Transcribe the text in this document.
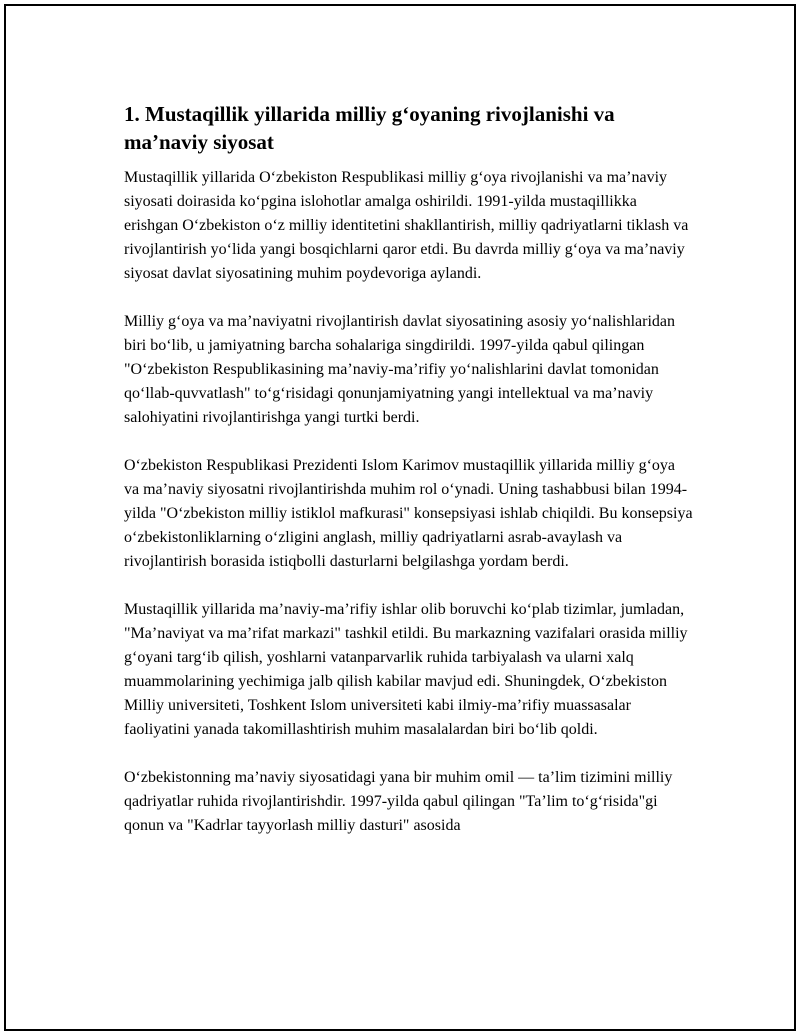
1. Mustaqillik yillarida milliy g‘oyaning rivojlanishi va ma’naviy siyosat

Mustaqillik yillarida O‘zbekiston Respublikasi milliy g‘oya rivojlanishi va ma’naviy siyosati doirasida ko‘pgina islohotlar amalga oshirildi. 1991-yilda mustaqillikka erishgan O‘zbekiston o‘z milliy identitetini shakllantirish, milliy qadriyatlarni tiklash va rivojlantirish yo‘lida yangi bosqichlarni qaror etdi. Bu davrda milliy g‘oya va ma’naviy siyosat davlat siyosatining muhim poydevoriga aylandi.

Milliy g‘oya va ma’naviyatni rivojlantirish davlat siyosatining asosiy yo‘nalishlaridan biri bo‘lib, u jamiyatning barcha sohalariga singdirildi. 1997-yilda qabul qilingan "O‘zbekiston Respublikasining ma’naviy-ma’rifiy yo‘nalishlarini davlat tomonidan qo‘llab-quvvatlash" to‘g‘risidagi qonunjamiyatning yangi intellektual va ma’naviy salohiyatini rivojlantirishga yangi turtki berdi.

O‘zbekiston Respublikasi Prezidenti Islom Karimov mustaqillik yillarida milliy g‘oya va ma’naviy siyosatni rivojlantirishda muhim rol o‘ynadi. Uning tashabbusi bilan 1994-yilda "O‘zbekiston milliy istiklol mafkurasi" konsepsiyasi ishlab chiqildi. Bu konsepsiya o‘zbekistonliklarning o‘zligini anglash, milliy qadriyatlarni asrab-avaylash va rivojlantirish borasida istiqbolli dasturlarni belgilashga yordam berdi.

Mustaqillik yillarida ma’naviy-ma’rifiy ishlar olib boruvchi ko‘plab tizimlar, jumladan, "Ma’naviyat va ma’rifat markazi" tashkil etildi. Bu markazning vazifalari orasida milliy g‘oyani targ‘ib qilish, yoshlarni vatanparvarlik ruhida tarbiyalash va ularni xalq muammolarining yechimiga jalb qilish kabilar mavjud edi. Shuningdek, O‘zbekiston Milliy universiteti, Toshkent Islom universiteti kabi ilmiy-ma’rifiy muassasalar faoliyatini yanada takomillashtirish muhim masalalardan biri bo‘lib qoldi.

O‘zbekistonning ma’naviy siyosatidagi yana bir muhim omil — ta’lim tizimini milliy qadriyatlar ruhida rivojlantirishdir. 1997-yilda qabul qilingan "Ta’lim to‘g‘risida"gi qonun va "Kadrlar tayyorlash milliy dasturi" asosida
